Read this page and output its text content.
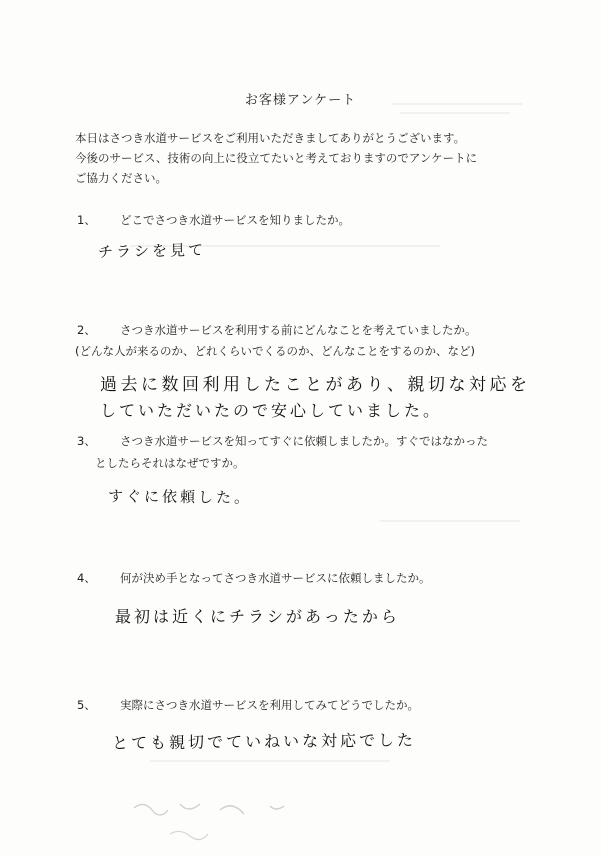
お客様アンケート
本日はさつき水道サービスをご利用いただきましてありがとうございます。
今後のサービス、技術の向上に役立てたいと考えておりますのでアンケートに
ご協力ください。
1、 どこでさつき水道サービスを知りましたか。
チラシを見て
2、 さつき水道サービスを利用する前にどんなことを考えていましたか。
(どんな人が来るのか、どれくらいでくるのか、どんなことをするのか、など)
過去に数回利用したことがあり、親切な対応を
していただいたので安心していました。
3、 さつき水道サービスを知ってすぐに依頼しましたか。すぐではなかった
としたらそれはなぜですか。
すぐに依頼した。
4、 何が決め手となってさつき水道サービスに依頼しましたか。
最初は近くにチラシがあったから
5、 実際にさつき水道サービスを利用してみてどうでしたか。
とても親切でていねいな対応でした
